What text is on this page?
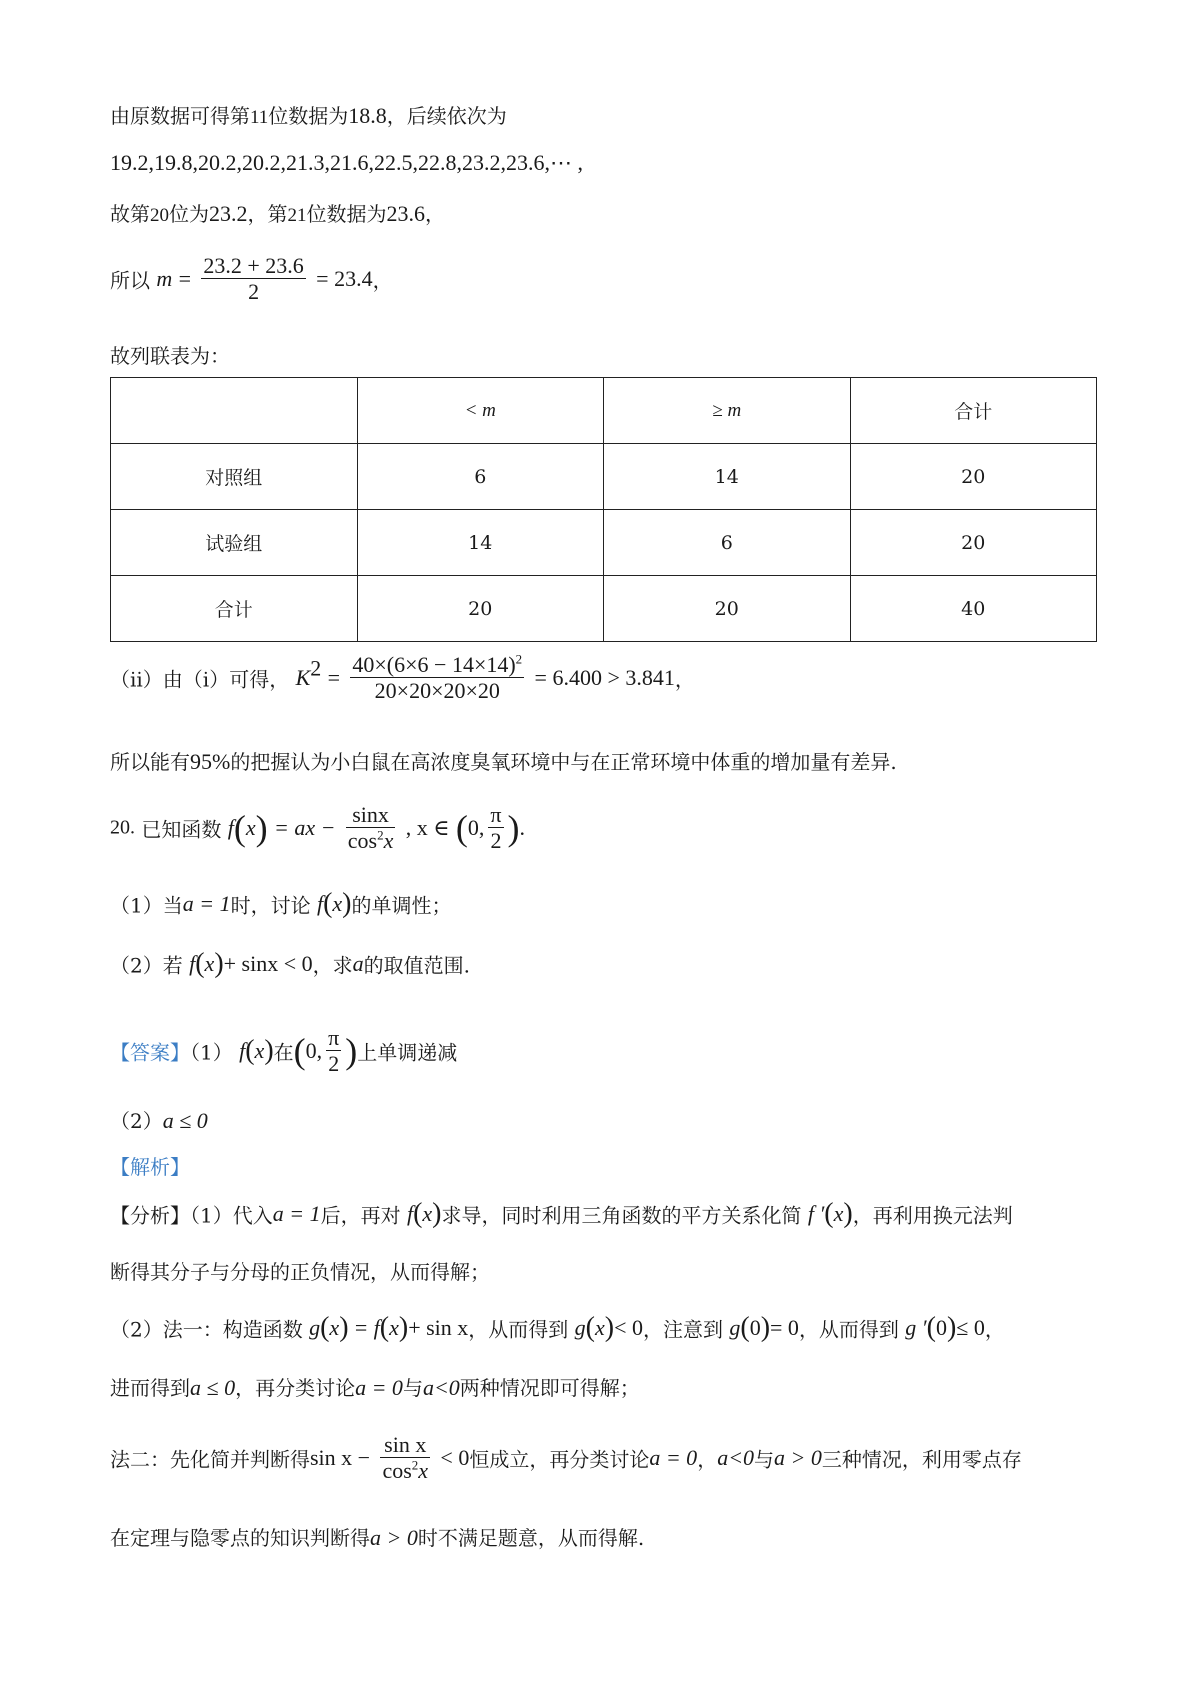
由原数据可得第11位数据为18.8，后续依次为
19.2,19.8,20.2,20.2,21.3,21.6,22.5,22.8,23.2,23.6,⋯ ,
故第20位为23.2，第21位数据为23.6，
所以 $m = \frac{23.2 + 23.6}{2} = 23.4$，
故列联表为：
	< m	≥ m	合计
对照组	6	14	20
试验组	14	6	20
合计	20	20	40
（ii）由（i）可得， $K^2 = \frac{40\times(6\times 6 - 14\times 14)^2}{20\times 20\times 20\times 20} = 6.400 > 3.841$，
所以能有95%的把握认为小白鼠在高浓度臭氧环境中与在正常环境中体重的增加量有差异.
20. 已知函数 f(x) = ax − $\frac{\sin x}{\cos^2x}$ , x ∈ (0, $\frac{\pi}{2}$ ).
（1）当a = 1时，讨论 f(x)的单调性；
（2）若 f(x)+ sinx < 0，求a的取值范围.
【答案】（1） f(x)在(0, $\frac{\pi}{2}$ )上单调递减
（2）a ≤ 0
【解析】
【分析】（1）代入a = 1后，再对 f(x)求导，同时利用三角函数的平方关系化简 f ′(x)，再利用换元法判
断得其分子与分母的正负情况，从而得解；
（2）法一：构造函数 g(x) = f(x)+ sin x，从而得到 g(x)< 0，注意到 g(0)= 0，从而得到 g ′(0)≤ 0，
进而得到a ≤ 0，再分类讨论a = 0与a<0两种情况即可得解；
法二：先化简并判断得$\sin x - \frac{\text{sin x}}{\cos^2x} < 0$恒成立，再分类讨论a = 0，a<0与a > 0三种情况，利用零点存
在定理与隐零点的知识判断得a > 0时不满足题意，从而得解.
